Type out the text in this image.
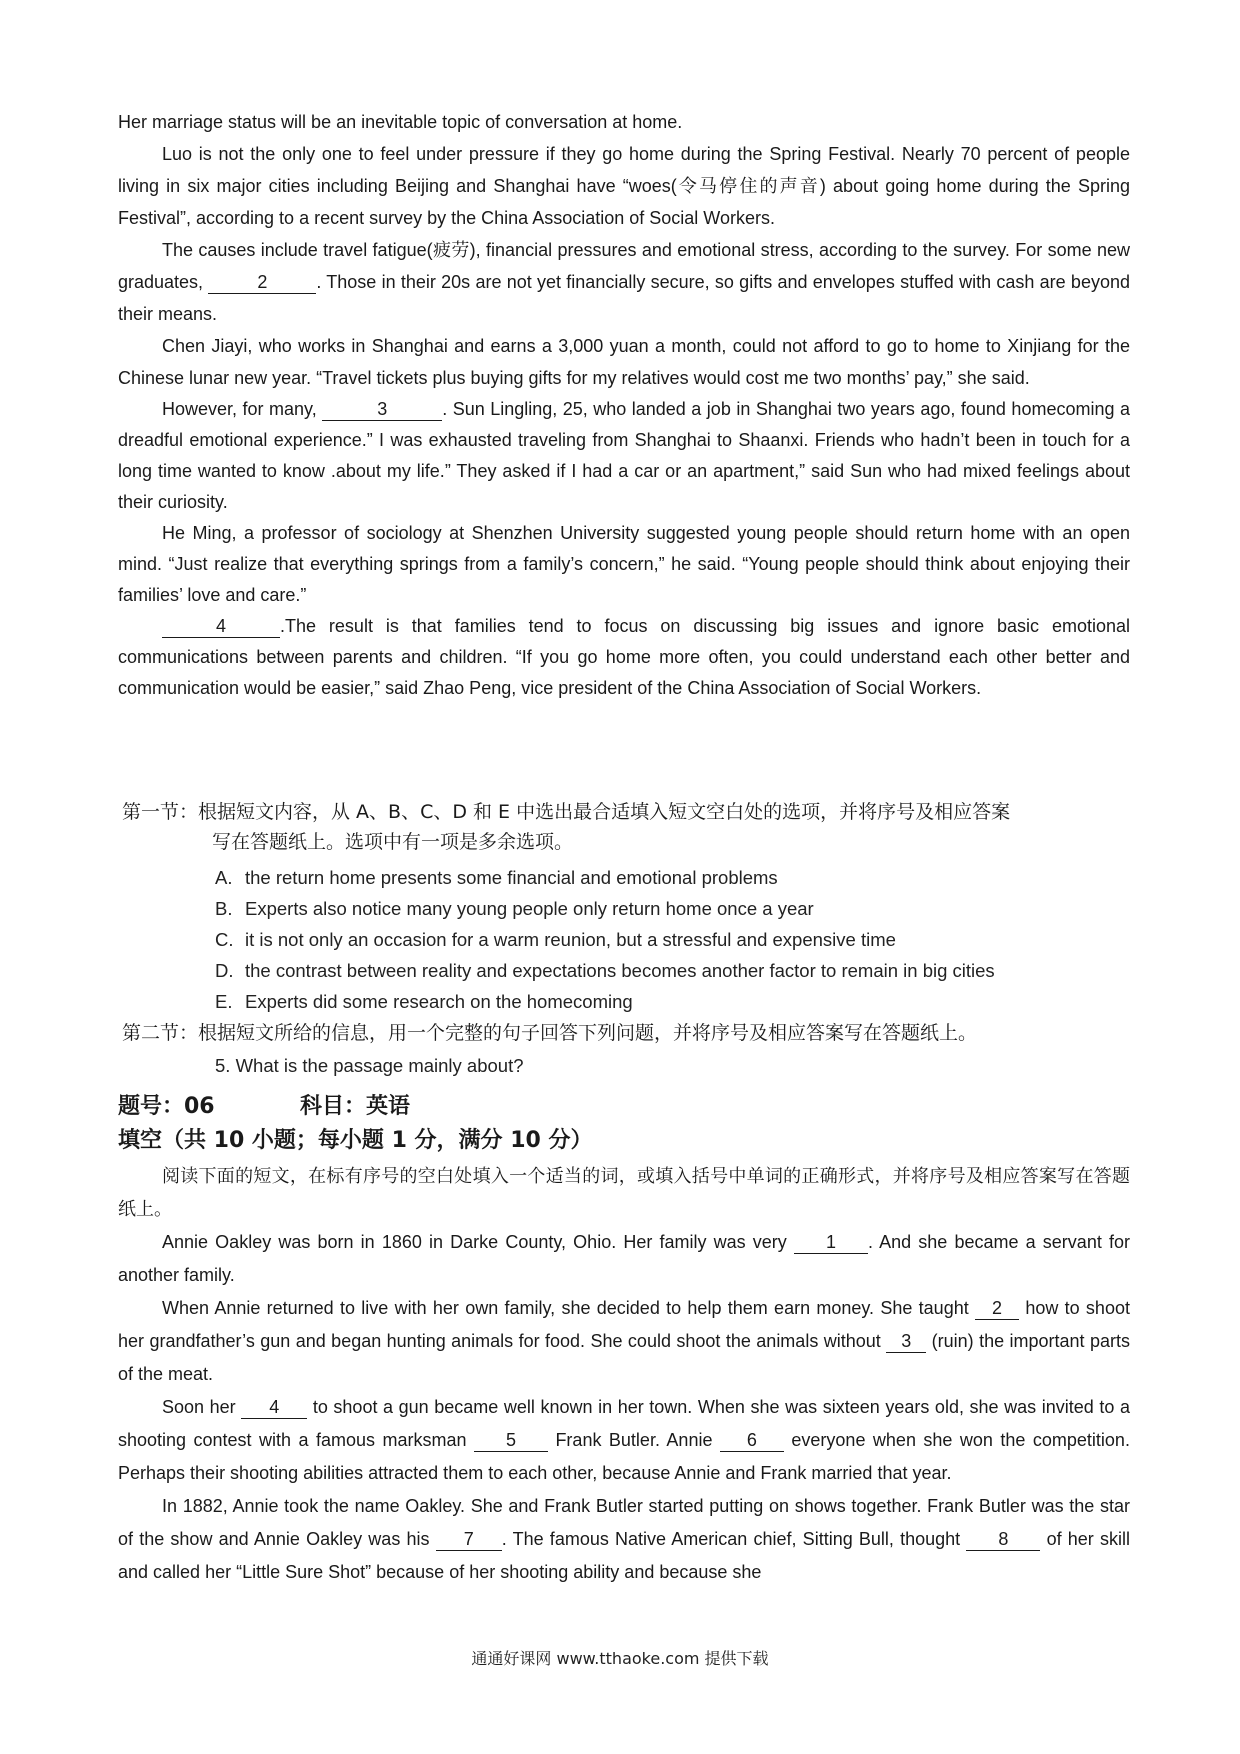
Her marriage status will be an inevitable topic of conversation at home.

Luo is not the only one to feel under pressure if they go home during the Spring Festival. Nearly 70 percent of people living in six major cities including Beijing and Shanghai have “woes(令马停住的声音) about going home during the Spring Festival”, according to a recent survey by the China Association of Social Workers.

The causes include travel fatigue(疲劳), financial pressures and emotional stress, according to the survey. For some new graduates,	2	. Those in their 20s are not yet financially secure, so gifts and envelopes stuffed with cash are beyond their means.

Chen Jiayi, who works in Shanghai and earns a 3,000 yuan a month, could not afford to go to home to Xinjiang for the Chinese lunar new year. “Travel tickets plus buying gifts for my relatives would cost me two months’ pay,” she said.

However, for many,	3	. Sun Lingling, 25, who landed a job in Shanghai two years ago, found homecoming a dreadful emotional experience.” I was exhausted traveling from Shanghai to Shaanxi. Friends who hadn’t been in touch for a long time wanted to know .about my life.” They asked if I had a car or an apartment,” said Sun who had mixed feelings about their curiosity.

He Ming, a professor of sociology at Shenzhen University suggested young people should return home with an open mind. “Just realize that everything springs from a family’s concern,” he said. “Young people should think about enjoying their families’ love and care.”

4	.The result is that families tend to focus on discussing big issues and ignore basic emotional communications between parents and children. “If you go home more often, you could understand each other better and communication would be easier,” said Zhao Peng, vice president of the China Association of Social Workers.

第一节：根据短文内容，从 A、B、C、D 和 E 中选出最合适填入短文空白处的选项，并将序号及相应答案
写在答题纸上。选项中有一项是多余选项。
A. the return home presents some financial and emotional problems
B. Experts also notice many young people only return home once a year
C. it is not only an occasion for a warm reunion, but a stressful and expensive time
D. the contrast between reality and expectations becomes another factor to remain in big cities
E. Experts did some research on the homecoming
第二节：根据短文所给的信息，用一个完整的句子回答下列问题，并将序号及相应答案写在答题纸上。
5. What is the passage mainly about?
题号：06	科目：英语
填空（共 10 小题；每小题 1 分，满分 10 分）

阅读下面的短文，在标有序号的空白处填入一个适当的词，或填入括号中单词的正确形式，并将序号及相应答案写在答题纸上。

Annie Oakley was born in 1860 in Darke County, Ohio. Her family was very 1 . And she became a servant for another family.

When Annie returned to live with her own family, she decided to help them earn money. She taught 2 how to shoot her grandfather’s gun and began hunting animals for food. She could shoot the animals without 3 (ruin) the important parts of the meat.

Soon her 4 to shoot a gun became well known in her town. When she was sixteen years old, she was invited to a shooting contest with a famous marksman 5 Frank Butler. Annie 6 everyone when she won the competition. Perhaps their shooting abilities attracted them to each other, because Annie and Frank married that year.

In 1882, Annie took the name Oakley. She and Frank Butler started putting on shows together. Frank Butler was the star of the show and Annie Oakley was his 7 . The famous Native American chief, Sitting Bull, thought 8 of her skill and called her “Little Sure Shot” because of her shooting ability and because she

通通好课网 www.tthaoke.com 提供下载
